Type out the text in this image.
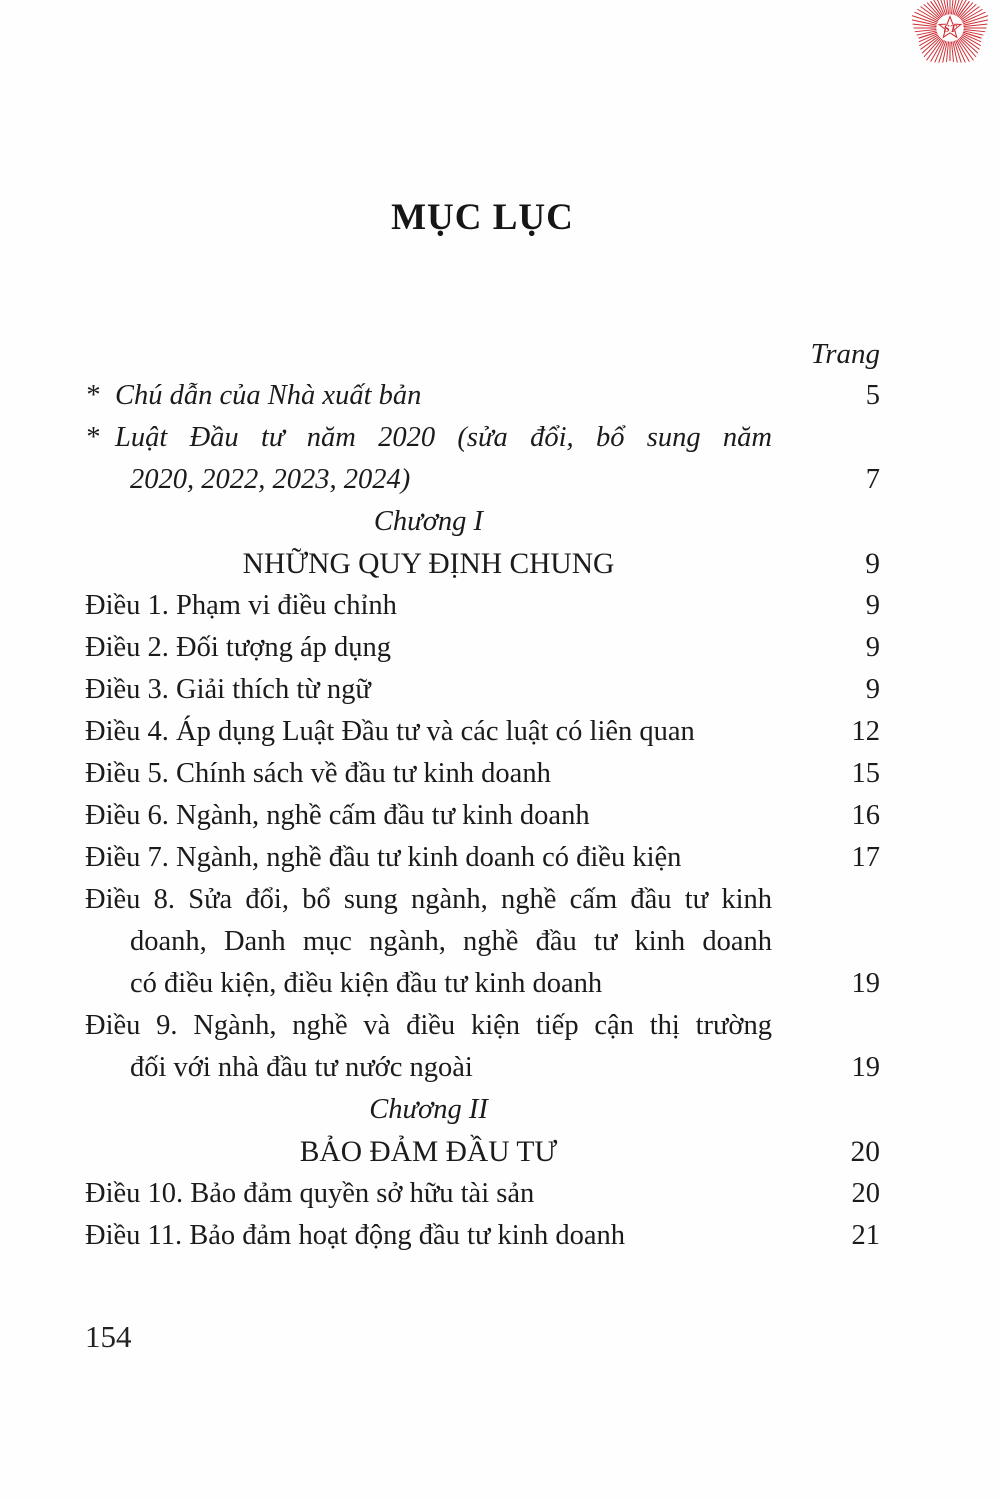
ST
MỤC LỤC
Trang
* Chú dẫn của Nhà xuất bản	5
* Luật Đầu tư năm 2020 (sửa đổi, bổ sung năm
2020, 2022, 2023, 2024)	7
Chương I
NHỮNG QUY ĐỊNH CHUNG	9
Điều 1. Phạm vi điều chỉnh	9
Điều 2. Đối tượng áp dụng	9
Điều 3. Giải thích từ ngữ	9
Điều 4. Áp dụng Luật Đầu tư và các luật có liên quan	12
Điều 5. Chính sách về đầu tư kinh doanh	15
Điều 6. Ngành, nghề cấm đầu tư kinh doanh	16
Điều 7. Ngành, nghề đầu tư kinh doanh có điều kiện	17
Điều 8. Sửa đổi, bổ sung ngành, nghề cấm đầu tư kinh
doanh, Danh mục ngành, nghề đầu tư kinh doanh
có điều kiện, điều kiện đầu tư kinh doanh	19
Điều 9. Ngành, nghề và điều kiện tiếp cận thị trường
đối với nhà đầu tư nước ngoài	19
Chương II
BẢO ĐẢM ĐẦU TƯ	20
Điều 10. Bảo đảm quyền sở hữu tài sản	20
Điều 11. Bảo đảm hoạt động đầu tư kinh doanh	21
154
